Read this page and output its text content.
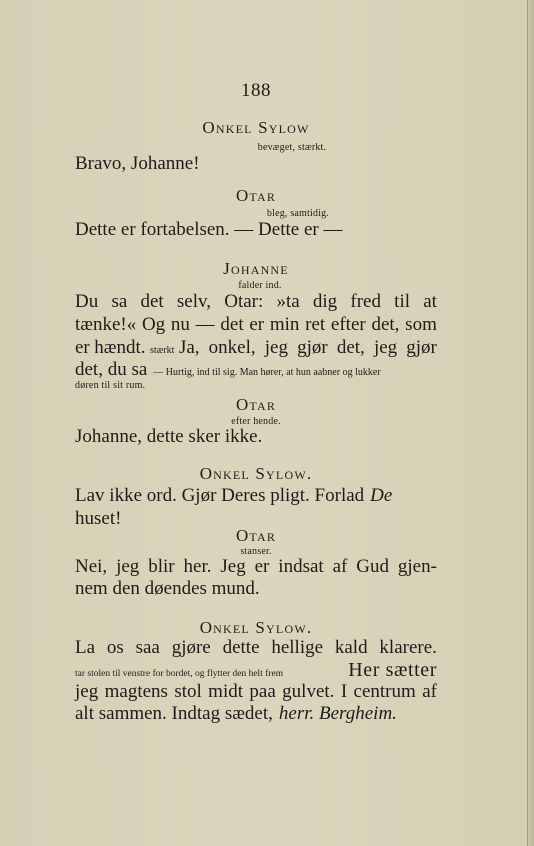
188
Onkel Sylow
bevæget, stærkt.
Bravo, Johanne!
Otar
bleg, samtidig.
Dette er fortabelsen. — Dette er —
Johanne
falder ind.
Du sa det selv, Otar: »ta dig fred til at
tænke!« Og nu — det er min ret efter det, som
er hændt. stærkt Ja, onkel, jeg gjør det, jeg gjør
det, du sa — Hurtig, ind til sig. Man hører, at hun aabner og lukker
døren til sit rum.
Otar
efter hende.
Johanne, dette sker ikke.
Onkel Sylow.
Lav ikke ord. Gjør Deres pligt. Forlad De
huset!
Otar
stanser.
Nei, jeg blir her. Jeg er indsat af Gud gjen-
nem den døendes mund.
Onkel Sylow.
La os saa gjøre dette hellige kald klarere.
tar stolen til venstre for bordet, og flytter den helt frem	Her sætter
jeg magtens stol midt paa gulvet. I centrum af
alt sammen. Indtag sædet, herr. Bergheim.
